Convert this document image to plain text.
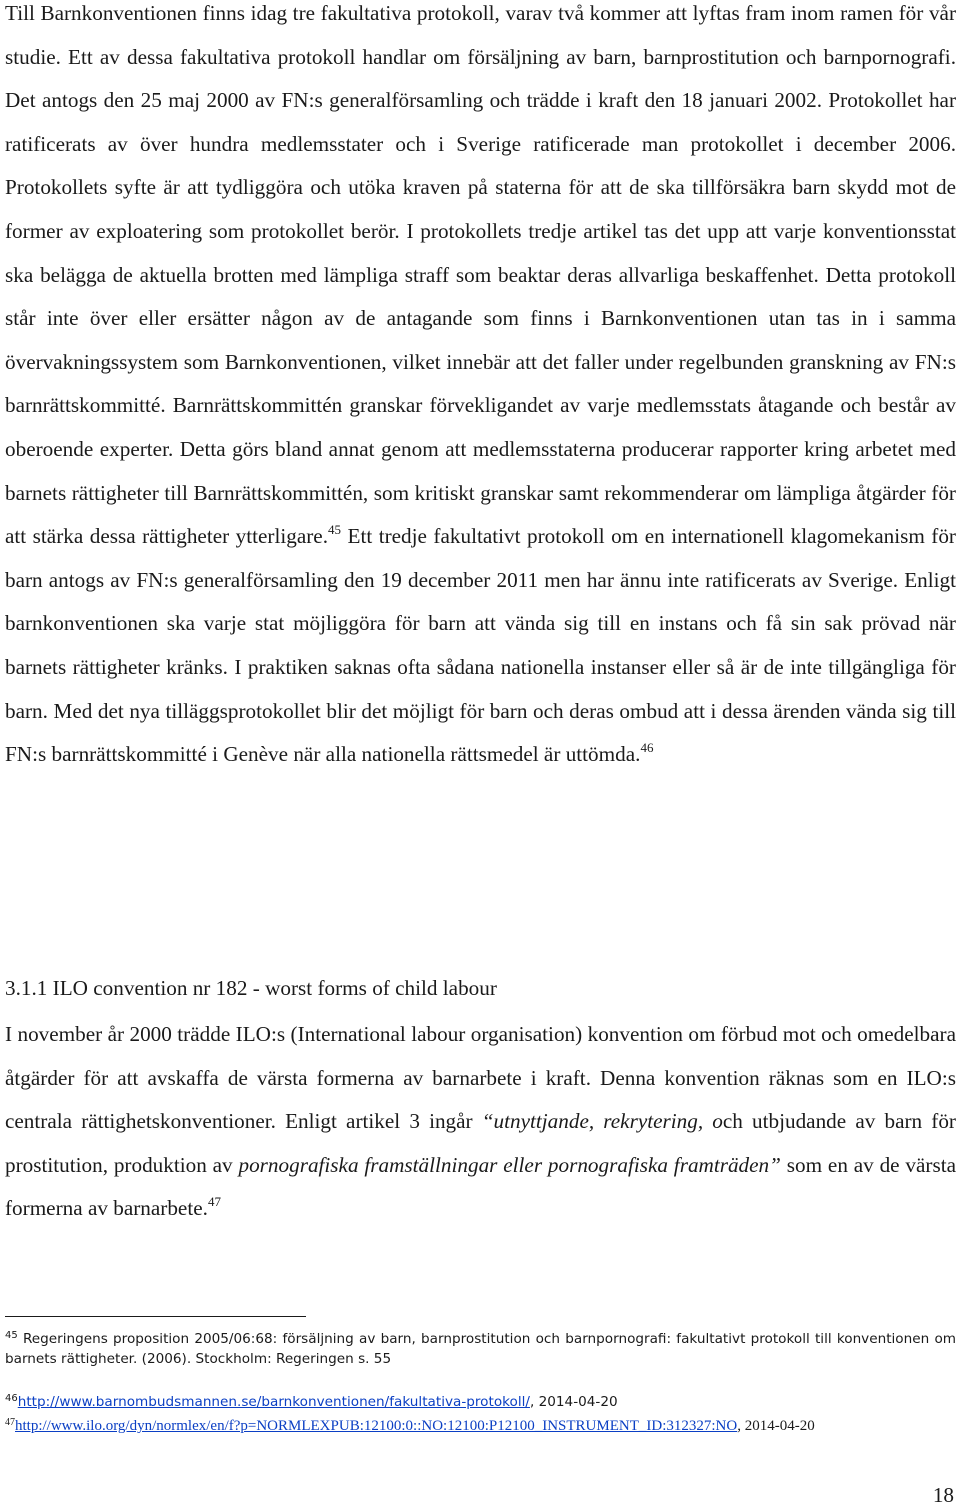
Till Barnkonventionen finns idag tre fakultativa protokoll, varav två kommer att lyftas fram inom ramen för vår studie. Ett av dessa fakultativa protokoll handlar om försäljning av barn, barnprostitution och barnpornografi. Det antogs den 25 maj 2000 av FN:s generalförsamling och trädde i kraft den 18 januari 2002. Protokollet har ratificerats av över hundra medlemsstater och i Sverige ratificerade man protokollet i december 2006. Protokollets syfte är att tydliggöra och utöka kraven på staterna för att de ska tillförsäkra barn skydd mot de former av exploatering som protokollet berör. I protokollets tredje artikel tas det upp att varje konventionsstat ska belägga de aktuella brotten med lämpliga straff som beaktar deras allvarliga beskaffenhet. Detta protokoll står inte över eller ersätter någon av de antagande som finns i Barnkonventionen utan tas in i samma övervakningssystem som Barnkonventionen, vilket innebär att det faller under regelbunden granskning av FN:s barnrättskommitté. Barnrättskommittén granskar förvekligandet av varje medlemsstats åtagande och består av oberoende experter. Detta görs bland annat genom att medlemsstaterna producerar rapporter kring arbetet med barnets rättigheter till Barnrättskommittén, som kritiskt granskar samt rekommenderar om lämpliga åtgärder för att stärka dessa rättigheter ytterligare.$^{45}$ Ett tredje fakultativt protokoll om en internationell klagomekanism för barn antogs av FN:s generalförsamling den 19 december 2011 men har ännu inte ratificerats av Sverige. Enligt barnkonventionen ska varje stat möjliggöra för barn att vända sig till en instans och få sin sak prövad när barnets rättigheter kränks. I praktiken saknas ofta sådana nationella instanser eller så är de inte tillgängliga för barn. Med det nya tilläggsprotokollet blir det möjligt för barn och deras ombud att i dessa ärenden vända sig till FN:s barnrättskommitté i Genève när alla nationella rättsmedel är uttömda.$^{46}$

3.1.1 ILO convention nr 182 - worst forms of child labour

I november år 2000 trädde ILO:s (International labour organisation) konvention om förbud mot och omedelbara åtgärder för att avskaffa de värsta formerna av barnarbete i kraft. Denna konvention räknas som en ILO:s centrala rättighetskonventioner. Enligt artikel 3 ingår “utnyttjande, rekrytering, och utbjudande av barn för prostitution, produktion av pornografiska framställningar eller pornografiska framträden” som en av de värsta formerna av barnarbete.$^{47}$

$^{45}$ Regeringens proposition 2005/06:68: försäljning av barn, barnprostitution och barnpornografi: fakultativt protokoll till konventionen om barnets rättigheter. (2006). Stockholm: Regeringen s. 55

$^{46}$http://www.barnombudsmannen.se/barnkonventionen/fakultativa-protokoll/, 2014-04-20

$^{47}$http://www.ilo.org/dyn/normlex/en/f?p=NORMLEXPUB:12100:0::NO:12100:P12100_INSTRUMENT_ID:312327:NO, 2014-04-20

18
